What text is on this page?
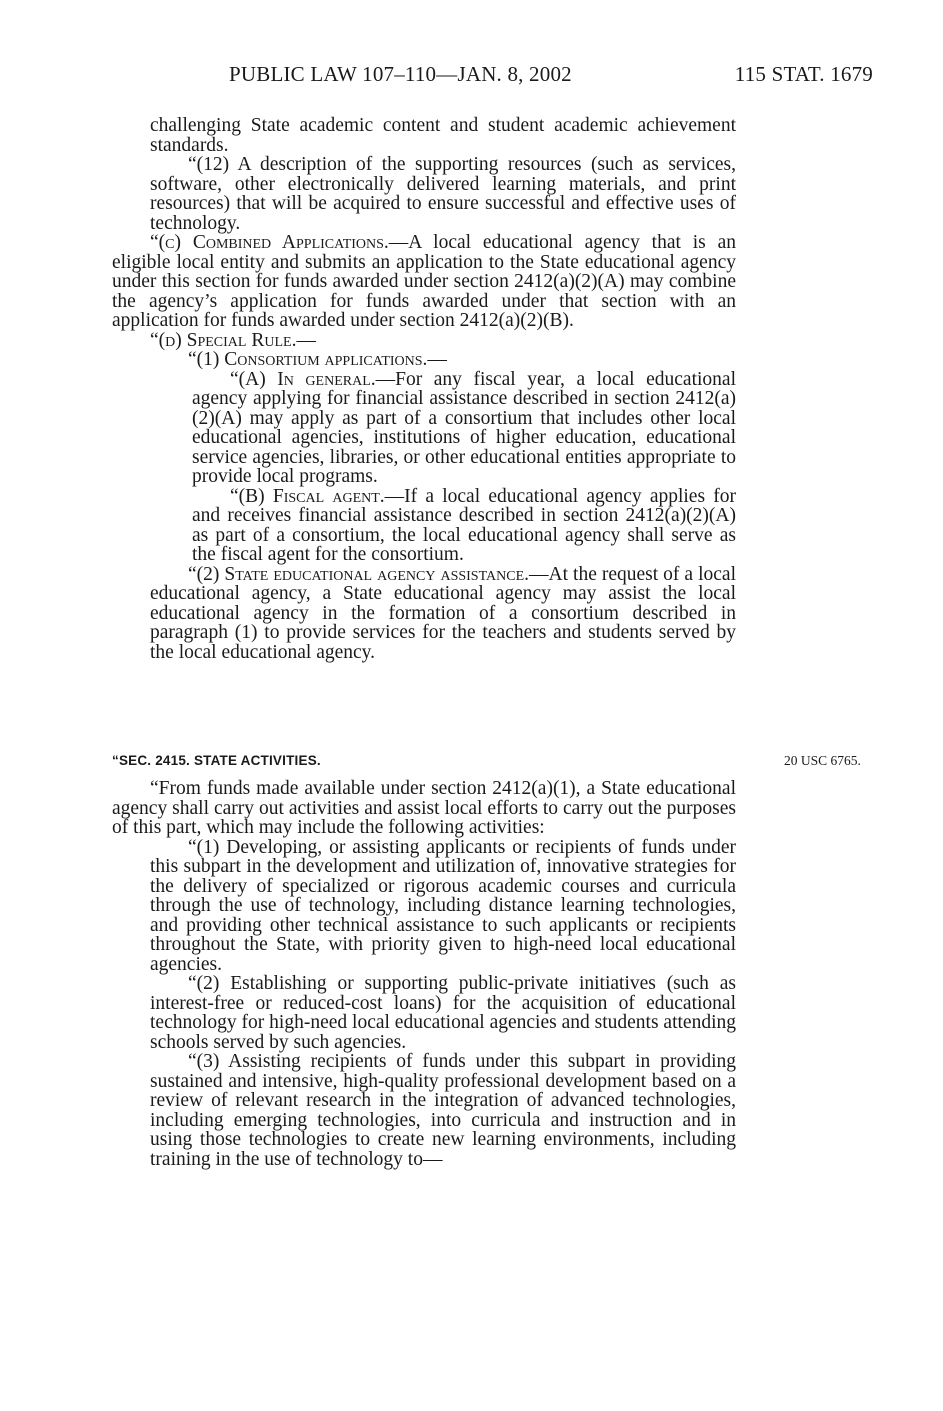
PUBLIC LAW 107–110—JAN. 8, 2002	115 STAT. 1679

challenging State academic content and student academic achievement standards.

“(12) A description of the supporting resources (such as services, software, other electronically delivered learning materials, and print resources) that will be acquired to ensure successful and effective uses of technology.

“(c) Combined Applications.—A local educational agency that is an eligible local entity and submits an application to the State educational agency under this section for funds awarded under section 2412(a)(2)(A) may combine the agency’s application for funds awarded under that section with an application for funds awarded under section 2412(a)(2)(B).

“(d) Special Rule.—

“(1) Consortium applications.—

“(A) In general.—For any fiscal year, a local educational agency applying for financial assistance described in section 2412(a)(2)(A) may apply as part of a consortium that includes other local educational agencies, institutions of higher education, educational service agencies, libraries, or other educational entities appropriate to provide local programs.

“(B) Fiscal agent.—If a local educational agency applies for and receives financial assistance described in section 2412(a)(2)(A) as part of a consortium, the local educational agency shall serve as the fiscal agent for the consortium.

“(2) State educational agency assistance.—At the request of a local educational agency, a State educational agency may assist the local educational agency in the formation of a consortium described in paragraph (1) to provide services for the teachers and students served by the local educational agency.

“SEC. 2415. STATE ACTIVITIES.	20 USC 6765.

“From funds made available under section 2412(a)(1), a State educational agency shall carry out activities and assist local efforts to carry out the purposes of this part, which may include the following activities:

“(1) Developing, or assisting applicants or recipients of funds under this subpart in the development and utilization of, innovative strategies for the delivery of specialized or rigorous academic courses and curricula through the use of technology, including distance learning technologies, and providing other technical assistance to such applicants or recipients throughout the State, with priority given to high-need local educational agencies.

“(2) Establishing or supporting public-private initiatives (such as interest-free or reduced-cost loans) for the acquisition of educational technology for high-need local educational agencies and students attending schools served by such agencies.

“(3) Assisting recipients of funds under this subpart in providing sustained and intensive, high-quality professional development based on a review of relevant research in the integration of advanced technologies, including emerging technologies, into curricula and instruction and in using those technologies to create new learning environments, including training in the use of technology to—
